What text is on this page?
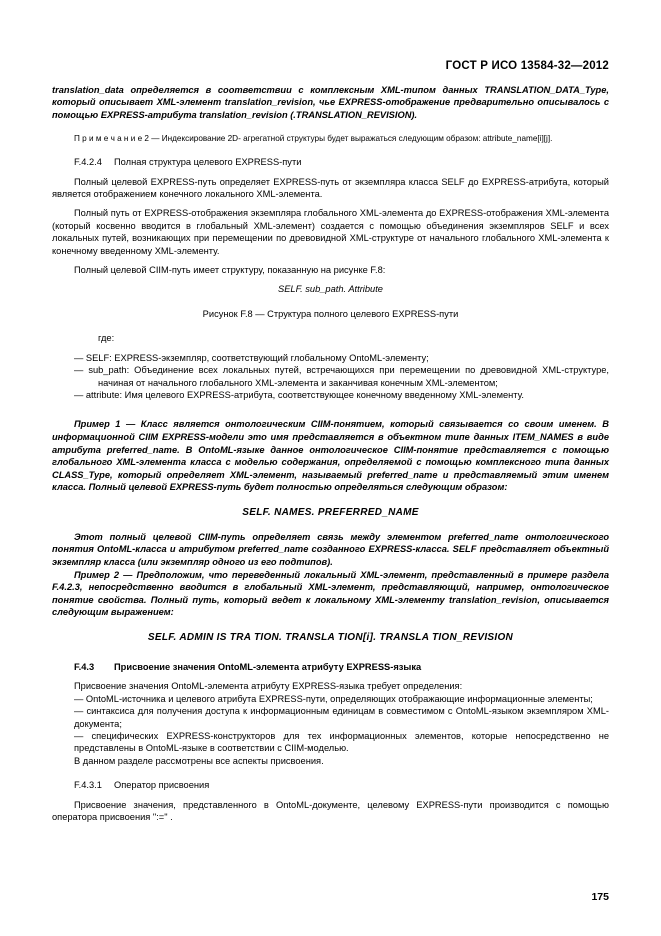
ГОСТ Р ИСО 13584-32—2012
translation_data определяется в соответствии с комплексным XML-типом данных TRANSLATION_DATA_Type, который описывает XML-элемент translation_revision, чье EXPRESS-отображение предварительно описывалось с помощью EXPRESS-атрибута translation_revision (.TRANSLATION_REVISION).
П р и м е ч а н и е 2 — Индексирование 2D- агрегатной структуры будет выражаться следующим образом: attribute_name[i][j].
F.4.2.4 Полная структура целевого EXPRESS-пути
Полный целевой EXPRESS-путь определяет EXPRESS-путь от экземпляра класса SELF до EXPRESS-атрибута, который является отображением конечного локального XML-элемента.
Полный путь от EXPRESS-отображения экземпляра глобального XML-элемента до EXPRESS-отображения XML-элемента (который косвенно вводится в глобальный XML-элемент) создается с помощью объединения экземпляров SELF и всех локальных путей, возникающих при перемещении по древовидной XML-структуре от начального глобального XML-элемента к конечному введенному XML-элементу.
Полный целевой CIIM-путь имеет структуру, показанную на рисунке F.8:
SELF. sub_path. Attribute
Рисунок F.8 — Структура полного целевого EXPRESS-пути
где:
— SELF: EXPRESS-экземпляр, соответствующий глобальному OntoML-элементу;
— sub_path: Объединение всех локальных путей, встречающихся при перемещении по древовидной XML-структуре, начиная от начального глобального XML-элемента и заканчивая конечным XML-элементом;
— attribute: Имя целевого EXPRESS-атрибута, соответствующее конечному введенному XML-элементу.
Пример 1 — Класс является онтологическим CIIM-понятием, который связывается со своим именем. В информационной CIIM EXPRESS-модели это имя представляется в объектном типе данных ITEM_NAMES в виде атрибута preferred_name. В OntoML-языке данное онтологическое CIIM-понятие представляется с помощью глобального XML-элемента класса с моделью содержания, определяемой с помощью комплексного типа данных CLASS_Type, который определяет XML-элемент, называемый preferred_name и представляемый этим именем класса. Полный целевой EXPRESS-путь будет полностью определяться следующим образом:
SELF. NAMES. PREFERRED_NAME
Этот полный целевой CIIM-путь определяет связь между элементом preferred_name онтологического понятия OntoML-класса и атрибутом preferred_name созданного EXPRESS-класса. SELF представляет объектный экземпляр класса (или экземпляр одного из его подтипов).
Пример 2 — Предположим, что переведенный локальный XML-элемент, представленный в примере раздела F.4.2.3, непосредственно вводится в глобальный XML-элемент, представляющий, например, онтологическое понятие свойства. Полный путь, который ведет к локальному XML-элементу translation_revision, описывается следующим выражением:
SELF. ADMIN IS TRA TION. TRANSLA TION[i]. TRANSLA TION_REVISION
F.4.3 Присвоение значения OntoML-элемента атрибуту EXPRESS-языка
Присвоение значения OntoML-элемента атрибуту EXPRESS-языка требует определения:
— OntoML-источника и целевого атрибута EXPRESS-пути, определяющих отображающие информационные элементы;
— синтаксиса для получения доступа к информационным единицам в совместимом с OntoML-языком экземпляром XML-документа;
— специфических EXPRESS-конструкторов для тех информационных элементов, которые непосредственно не представлены в OntoML-языке в соответствии с CIIM-моделью.
В данном разделе рассмотрены все аспекты присвоения.
F.4.3.1 Оператор присвоения
Присвоение значения, представленного в OntoML-документе, целевому EXPRESS-пути производится с помощью оператора присвоения ":=" .
175
